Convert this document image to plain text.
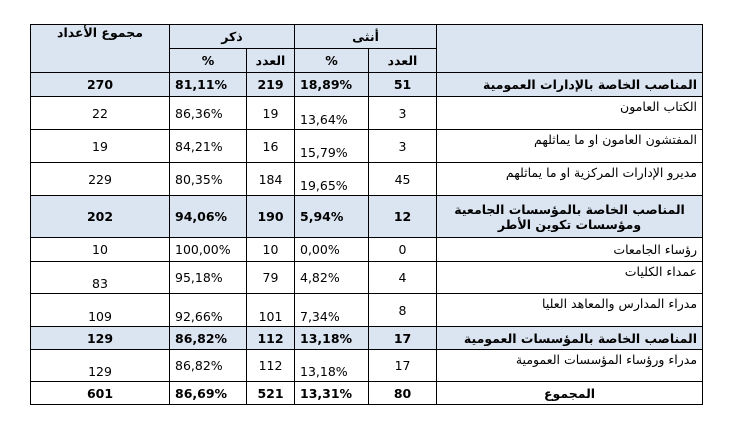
	أنثى		ذكر		مجموع الأعداد
	العدد	%	العدد	%	
المناصب الخاصة بالإدارات العمومية	51	18,89%	219	81,11%	270
الكتاب العامون	3	13,64%	19	86,36%	22
المفتشون العامون او ما يماثلهم	3	15,79%	16	84,21%	19
مديرو الإدارات المركزية او ما يماثلهم	45	19,65%	184	80,35%	229
المناصب الخاصة بالمؤسسات الجامعية ومؤسسات تكوين الأطر	12	5,94%	190	94,06%	202
رؤساء الجامعات	0	0,00%	10	100,00%	10
عمداء الكليات	4	4,82%	79	95,18%	83
مدراء المدارس والمعاهد العليا	8	7,34%	101	92,66%	109
المناصب الخاصة بالمؤسسات العمومية	17	13,18%	112	86,82%	129
مدراء ورؤساء المؤسسات العمومية	17	13,18%	112	86,82%	129
المجموع	80	13,31%	521	86,69%	601
